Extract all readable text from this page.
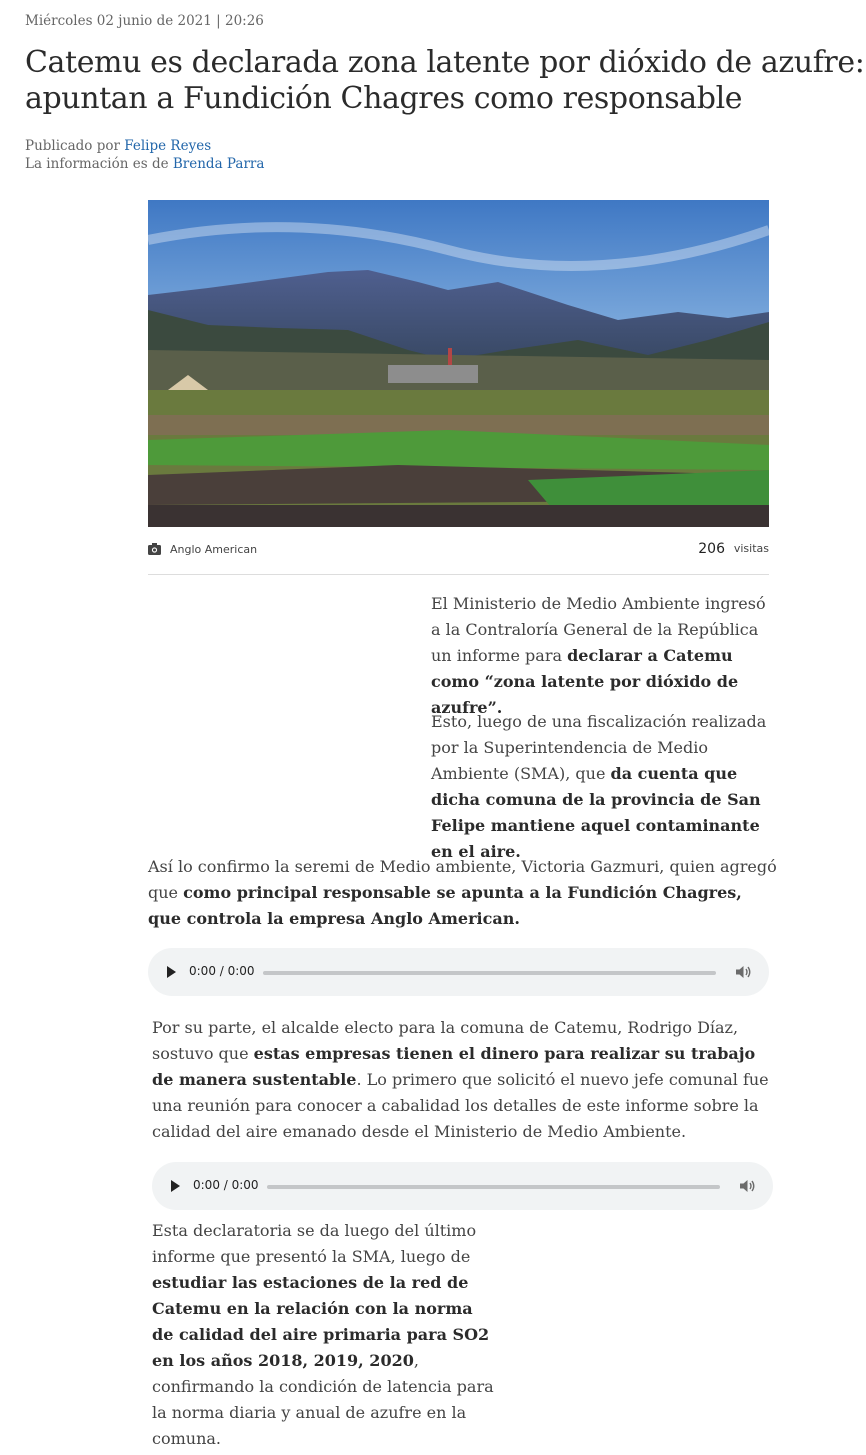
Miércoles 02 junio de 2021 | 20:26
Catemu es declarada zona latente por dióxido de azufre: apuntan a Fundición Chagres como responsable
Publicado por Felipe Reyes
La información es de Brenda Parra
Anglo American	206 visitas

El Ministerio de Medio Ambiente ingresó a la Contraloría General de la República un informe para declarar a Catemu como “zona latente por dióxido de azufre”.

Esto, luego de una fiscalización realizada por la Superintendencia de Medio Ambiente (SMA), que da cuenta que dicha comuna de la provincia de San Felipe mantiene aquel contaminante en el aire.

Así lo confirmo la seremi de Medio ambiente, Victoria Gazmuri, quien agregó que como principal responsable se apunta a la Fundición Chagres, que controla la empresa Anglo American.

0:00 / 0:00

Por su parte, el alcalde electo para la comuna de Catemu, Rodrigo Díaz, sostuvo que estas empresas tienen el dinero para realizar su trabajo de manera sustentable. Lo primero que solicitó el nuevo jefe comunal fue una reunión para conocer a cabalidad los detalles de este informe sobre la calidad del aire emanado desde el Ministerio de Medio Ambiente.

0:00 / 0:00

Esta declaratoria se da luego del último informe que presentó la SMA, luego de estudiar las estaciones de la red de Catemu en la relación con la norma de calidad del aire primaria para SO2 en los años 2018, 2019, 2020, confirmando la condición de latencia para la norma diaria y anual de azufre en la comuna.
